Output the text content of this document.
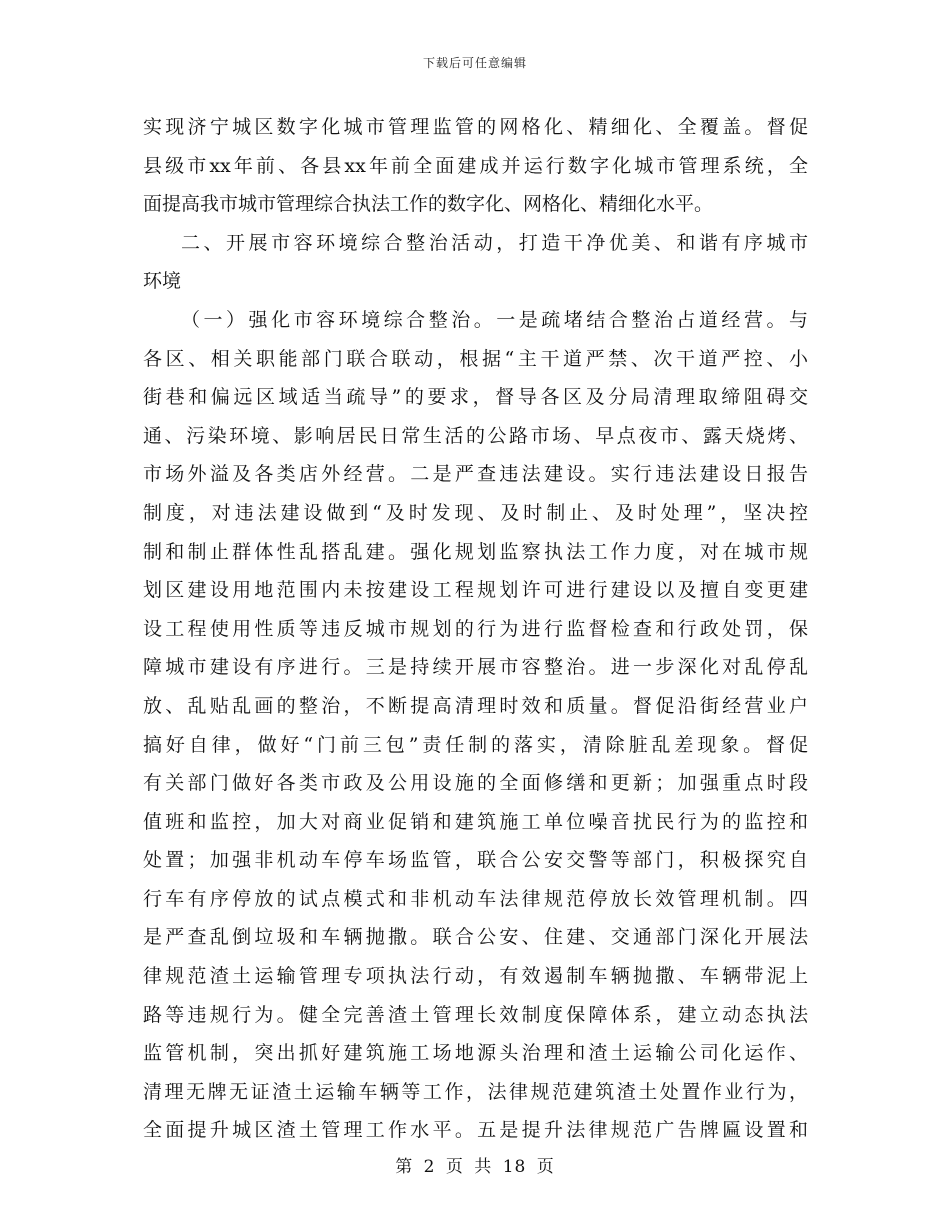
下载后可任意编辑
实现济宁城区数字化城市管理监管的网格化、精细化、全覆盖。督促
县级市xx年前、各县xx年前全面建成并运行数字化城市管理系统，全
面提高我市城市管理综合执法工作的数字化、网格化、精细化水平。
二、开展市容环境综合整治活动，打造干净优美、和谐有序城市
环境
（一）强化市容环境综合整治。一是疏堵结合整治占道经营。与
各区、相关职能部门联合联动，根据“主干道严禁、次干道严控、小
街巷和偏远区域适当疏导”的要求，督导各区及分局清理取缔阻碍交
通、污染环境、影响居民日常生活的公路市场、早点夜市、露天烧烤、
市场外溢及各类店外经营。二是严查违法建设。实行违法建设日报告
制度，对违法建设做到“及时发现、及时制止、及时处理”，坚决控
制和制止群体性乱搭乱建。强化规划监察执法工作力度，对在城市规
划区建设用地范围内未按建设工程规划许可进行建设以及擅自变更建
设工程使用性质等违反城市规划的行为进行监督检查和行政处罚，保
障城市建设有序进行。三是持续开展市容整治。进一步深化对乱停乱
放、乱贴乱画的整治，不断提高清理时效和质量。督促沿街经营业户
搞好自律，做好“门前三包”责任制的落实，清除脏乱差现象。督促
有关部门做好各类市政及公用设施的全面修缮和更新；加强重点时段
值班和监控，加大对商业促销和建筑施工单位噪音扰民行为的监控和
处置；加强非机动车停车场监管，联合公安交警等部门，积极探究自
行车有序停放的试点模式和非机动车法律规范停放长效管理机制。四
是严查乱倒垃圾和车辆抛撒。联合公安、住建、交通部门深化开展法
律规范渣土运输管理专项执法行动，有效遏制车辆抛撒、车辆带泥上
路等违规行为。健全完善渣土管理长效制度保障体系，建立动态执法
监管机制，突出抓好建筑施工场地源头治理和渣土运输公司化运作、
清理无牌无证渣土运输车辆等工作，法律规范建筑渣土处置作业行为，
全面提升城区渣土管理工作水平。五是提升法律规范广告牌匾设置和
第 2 页 共 18 页
